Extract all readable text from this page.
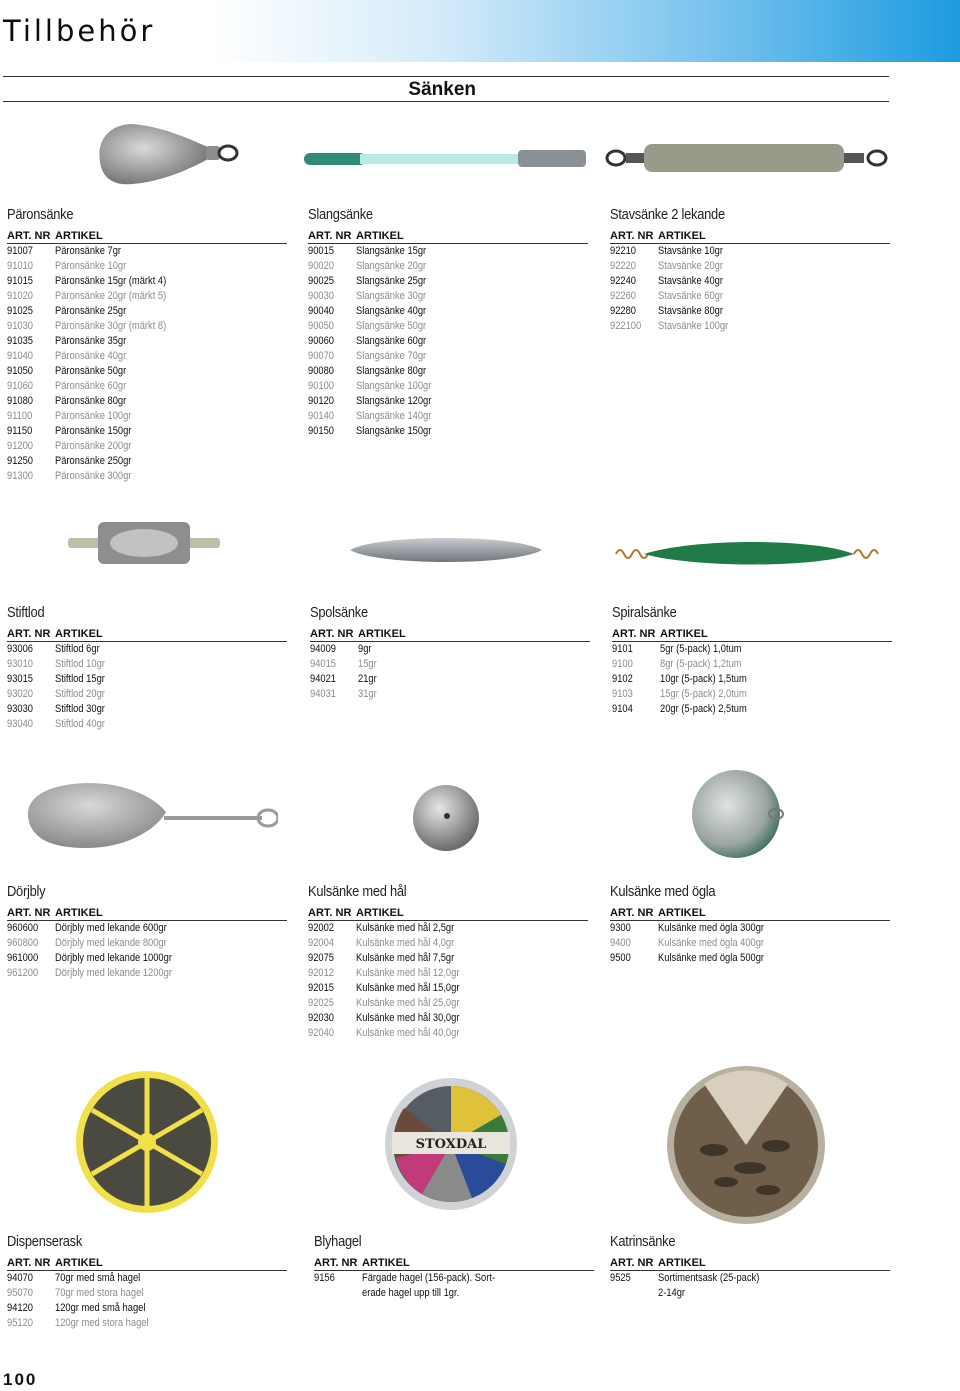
Tillbehör
Sänken
Päronsänke
ART. NR ARTIKEL
91007	Päronsänke 7gr
91010	Päronsänke 10gr
91015	Päronsänke 15gr (märkt 4)
91020	Päronsänke 20gr (märkt 5)
91025	Päronsänke 25gr
91030	Päronsänke 30gr (märkt 8)
91035	Päronsänke 35gr
91040	Päronsänke 40gr
91050	Päronsänke 50gr
91060	Päronsänke 60gr
91080	Päronsänke 80gr
91100	Päronsänke 100gr
91150	Päronsänke 150gr
91200	Päronsänke 200gr
91250	Päronsänke 250gr
91300	Päronsänke 300gr
Slangsänke
ART. NR ARTIKEL
90015	Slangsänke 15gr
90020	Slangsänke 20gr
90025	Slangsänke 25gr
90030	Slangsänke 30gr
90040	Slangsänke 40gr
90050	Slangsänke 50gr
90060	Slangsänke 60gr
90070	Slangsänke 70gr
90080	Slangsänke 80gr
90100	Slangsänke 100gr
90120	Slangsänke 120gr
90140	Slangsänke 140gr
90150	Slangsänke 150gr
Stavsänke 2 lekande
ART. NR ARTIKEL
92210	Stavsänke 10gr
92220	Stavsänke 20gr
92240	Stavsänke 40gr
92260	Stavsänke 60gr
92280	Stavsänke 80gr
922100	Stavsänke 100gr
Stiftlod
ART. NR ARTIKEL
93006	Stiftlod 6gr
93010	Stiftlod 10gr
93015	Stiftlod 15gr
93020	Stiftlod 20gr
93030	Stiftlod 30gr
93040	Stiftlod 40gr
Spolsänke
ART. NR ARTIKEL
94009	9gr
94015	15gr
94021	21gr
94031	31gr
Spiralsänke
ART. NR ARTIKEL
9101	5gr (5-pack) 1,0tum
9100	8gr (5-pack) 1,2tum
9102	10gr (5-pack) 1,5tum
9103	15gr (5-pack) 2,0tum
9104	20gr (5-pack) 2,5tum
Dörjbly
ART. NR ARTIKEL
960600	Dörjbly med lekande 600gr
960800	Dörjbly med lekande 800gr
961000	Dörjbly med lekande 1000gr
961200	Dörjbly med lekande 1200gr
Kulsänke med hål
ART. NR ARTIKEL
92002	Kulsänke med hål 2,5gr
92004	Kulsänke med hål 4,0gr
92075	Kulsänke med hål 7,5gr
92012	Kulsänke med hål 12,0gr
92015	Kulsänke med hål 15,0gr
92025	Kulsänke med hål 25,0gr
92030	Kulsänke med hål 30,0gr
92040	Kulsänke med hål 40,0gr
Kulsänke med ögla
ART. NR ARTIKEL
9300	Kulsänke med ögla 300gr
9400	Kulsänke med ögla 400gr
9500	Kulsänke med ögla 500gr
STOXDAL
Dispenserask
ART. NR ARTIKEL
94070	70gr med små hagel
95070	70gr med stora hagel
94120	120gr med små hagel
95120	120gr med stora hagel
Blyhagel
ART. NR ARTIKEL
9156	Färgade hagel (156-pack). Sort-
erade hagel upp till 1gr.
Katrinsänke
ART. NR ARTIKEL
9525	Sortimentsask (25-pack)
2-14gr
100
